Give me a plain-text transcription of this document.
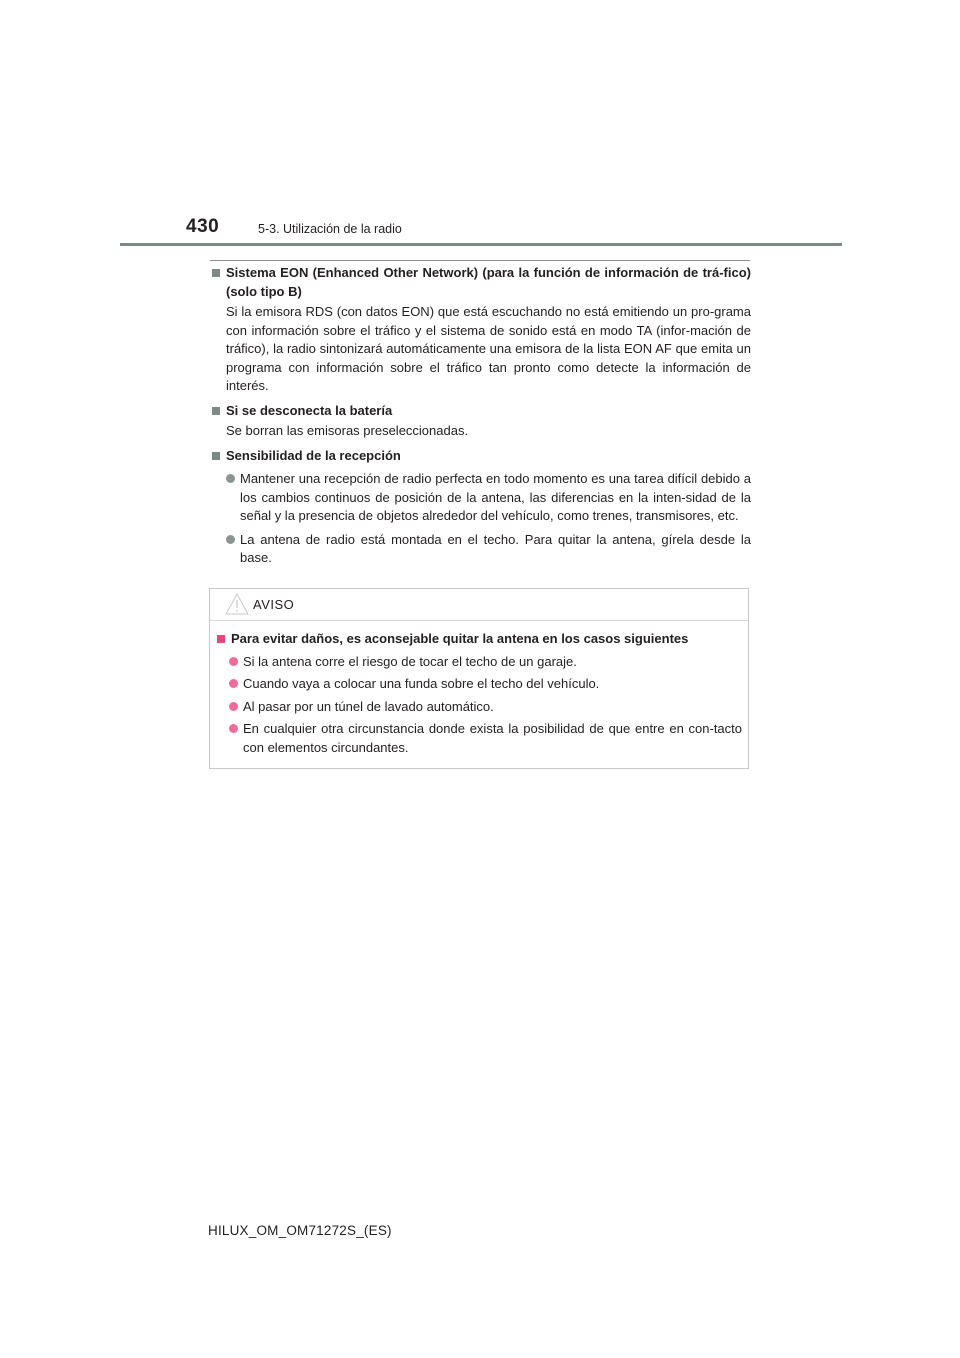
430	5-3. Utilización de la radio
Sistema EON (Enhanced Other Network) (para la función de información de trá-fico) (solo tipo B)
Si la emisora RDS (con datos EON) que está escuchando no está emitiendo un pro-grama con información sobre el tráfico y el sistema de sonido está en modo TA (infor-mación de tráfico), la radio sintonizará automáticamente una emisora de la lista EON AF que emita un programa con información sobre el tráfico tan pronto como detecte la información de interés.
Si se desconecta la batería
Se borran las emisoras preseleccionadas.
Sensibilidad de la recepción
Mantener una recepción de radio perfecta en todo momento es una tarea difícil debido a los cambios continuos de posición de la antena, las diferencias en la inten-sidad de la señal y la presencia de objetos alrededor del vehículo, como trenes, transmisores, etc.
La antena de radio está montada en el techo. Para quitar la antena, gírela desde la base.
AVISO
Para evitar daños, es aconsejable quitar la antena en los casos siguientes
Si la antena corre el riesgo de tocar el techo de un garaje.
Cuando vaya a colocar una funda sobre el techo del vehículo.
Al pasar por un túnel de lavado automático.
En cualquier otra circunstancia donde exista la posibilidad de que entre en con-tacto con elementos circundantes.
HILUX_OM_OM71272S_(ES)
